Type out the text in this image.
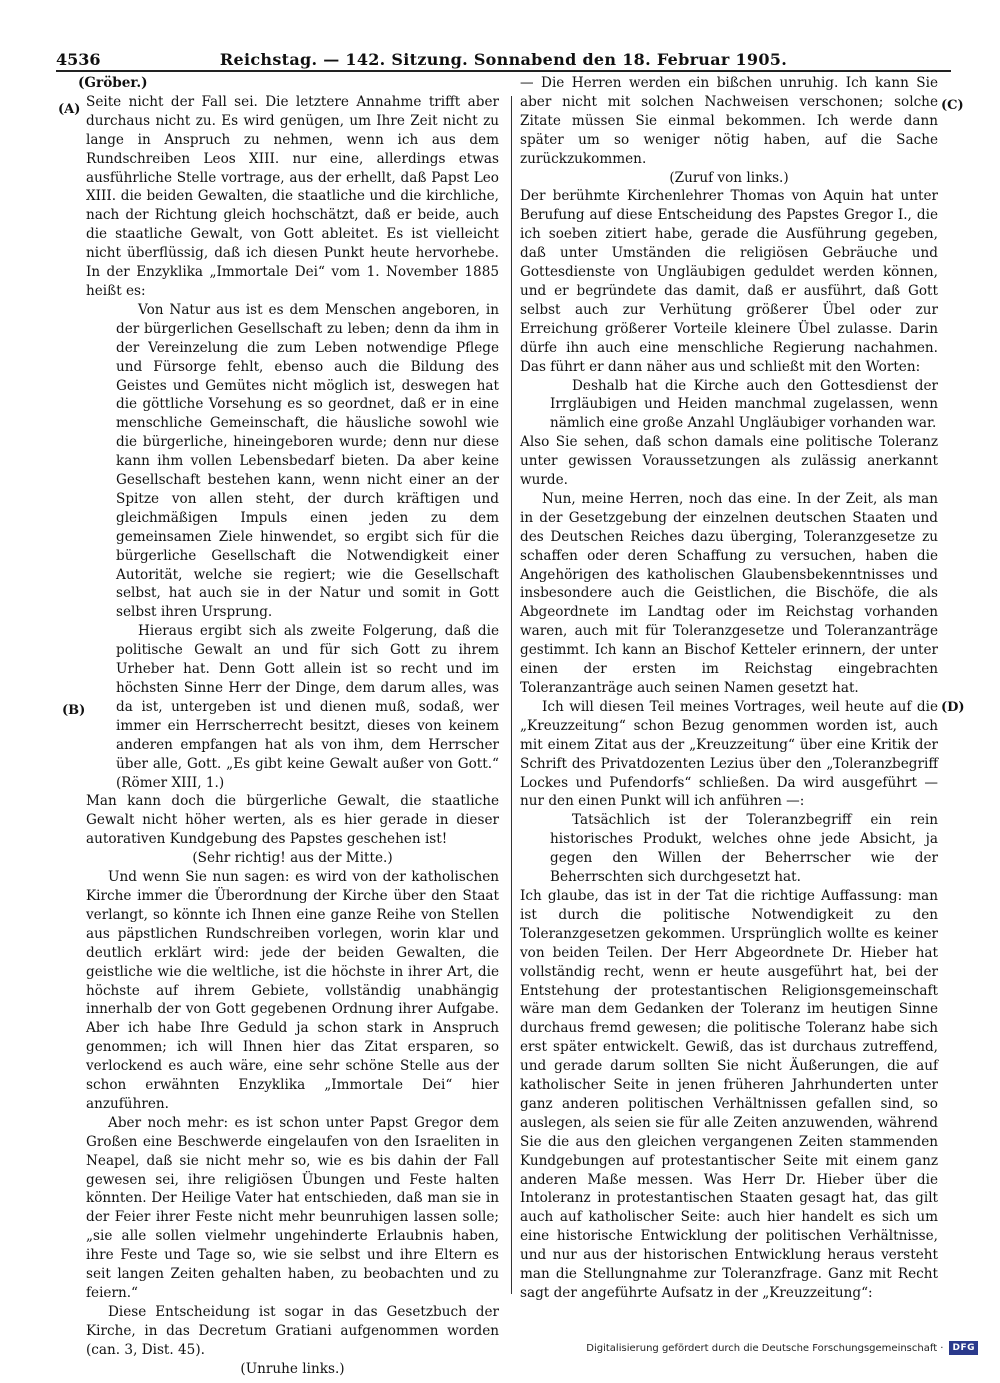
4536	Reichstag. — 142. Sitzung. Sonnabend den 18. Februar 1905.
(A)
(B)
(C)
(D)

(Gröber.)

Seite nicht der Fall sei. Die letztere Annahme trifft aber durchaus nicht zu. Es wird genügen, um Ihre Zeit nicht zu lange in Anspruch zu nehmen, wenn ich aus dem Rundschreiben Leos XIII. nur eine, allerdings etwas ausführliche Stelle vortrage, aus der erhellt, daß Papst Leo XIII. die beiden Gewalten, die staatliche und die kirchliche, nach der Richtung gleich hochschätzt, daß er beide, auch die staatliche Gewalt, von Gott ableitet. Es ist vielleicht nicht überflüssig, daß ich diesen Punkt heute hervorhebe. In der Enzyklika „Immortale Dei“ vom 1. November 1885 heißt es:

Von Natur aus ist es dem Menschen angeboren, in der bürgerlichen Gesellschaft zu leben; denn da ihm in der Vereinzelung die zum Leben notwendige Pflege und Fürsorge fehlt, ebenso auch die Bildung des Geistes und Gemütes nicht möglich ist, deswegen hat die göttliche Vorsehung es so geordnet, daß er in eine menschliche Gemeinschaft, die häusliche sowohl wie die bürgerliche, hineingeboren wurde; denn nur diese kann ihm vollen Lebensbedarf bieten. Da aber keine Gesellschaft bestehen kann, wenn nicht einer an der Spitze von allen steht, der durch kräftigen und gleichmäßigen Impuls einen jeden zu dem gemeinsamen Ziele hinwendet, so ergibt sich für die bürgerliche Gesellschaft die Notwendigkeit einer Autorität, welche sie regiert; wie die Gesellschaft selbst, hat auch sie in der Natur und somit in Gott selbst ihren Ursprung.

Hieraus ergibt sich als zweite Folgerung, daß die politische Gewalt an und für sich Gott zu ihrem Urheber hat. Denn Gott allein ist so recht und im höchsten Sinne Herr der Dinge, dem darum alles, was da ist, untergeben ist und dienen muß, sodaß, wer immer ein Herrscherrecht besitzt, dieses von keinem anderen empfangen hat als von ihm, dem Herrscher über alle, Gott. „Es gibt keine Gewalt außer von Gott.“ (Römer XIII, 1.)

Man kann doch die bürgerliche Gewalt, die staatliche Gewalt nicht höher werten, als es hier gerade in dieser autorativen Kundgebung des Papstes geschehen ist!

(Sehr richtig! aus der Mitte.)

Und wenn Sie nun sagen: es wird von der katholischen Kirche immer die Überordnung der Kirche über den Staat verlangt, so könnte ich Ihnen eine ganze Reihe von Stellen aus päpstlichen Rundschreiben vorlegen, worin klar und deutlich erklärt wird: jede der beiden Gewalten, die geistliche wie die weltliche, ist die höchste in ihrer Art, die höchste auf ihrem Gebiete, vollständig unabhängig innerhalb der von Gott gegebenen Ordnung ihrer Aufgabe. Aber ich habe Ihre Geduld ja schon stark in Anspruch genommen; ich will Ihnen hier das Zitat ersparen, so verlockend es auch wäre, eine sehr schöne Stelle aus der schon erwähnten Enzyklika „Immortale Dei“ hier anzuführen.

Aber noch mehr: es ist schon unter Papst Gregor dem Großen eine Beschwerde eingelaufen von den Israeliten in Neapel, daß sie nicht mehr so, wie es bis dahin der Fall gewesen sei, ihre religiösen Übungen und Feste halten könnten. Der Heilige Vater hat entschieden, daß man sie in der Feier ihrer Feste nicht mehr beunruhigen lassen solle; „sie alle sollen vielmehr ungehinderte Erlaubnis haben, ihre Feste und Tage so, wie sie selbst und ihre Eltern es seit langen Zeiten gehalten haben, zu beobachten und zu feiern.“

Diese Entscheidung ist sogar in das Gesetzbuch der Kirche, in das Decretum Gratiani aufgenommen worden (can. 3, Dist. 45).

(Unruhe links.)

— Die Herren werden ein bißchen unruhig. Ich kann Sie aber nicht mit solchen Nachweisen verschonen; solche Zitate müssen Sie einmal bekommen. Ich werde dann später um so weniger nötig haben, auf die Sache zurückzukommen.

(Zuruf von links.)

Der berühmte Kirchenlehrer Thomas von Aquin hat unter Berufung auf diese Entscheidung des Papstes Gregor I., die ich soeben zitiert habe, gerade die Ausführung gegeben, daß unter Umständen die religiösen Gebräuche und Gottesdienste von Ungläubigen geduldet werden können, und er begründete das damit, daß er ausführt, daß Gott selbst auch zur Verhütung größerer Übel oder zur Erreichung größerer Vorteile kleinere Übel zulasse. Darin dürfe ihn auch eine menschliche Regierung nachahmen. Das führt er dann näher aus und schließt mit den Worten:

Deshalb hat die Kirche auch den Gottesdienst der Irrgläubigen und Heiden manchmal zugelassen, wenn nämlich eine große Anzahl Ungläubiger vorhanden war.

Also Sie sehen, daß schon damals eine politische Toleranz unter gewissen Voraussetzungen als zulässig anerkannt wurde.

Nun, meine Herren, noch das eine. In der Zeit, als man in der Gesetzgebung der einzelnen deutschen Staaten und des Deutschen Reiches dazu überging, Toleranzgesetze zu schaffen oder deren Schaffung zu versuchen, haben die Angehörigen des katholischen Glaubensbekenntnisses und insbesondere auch die Geistlichen, die Bischöfe, die als Abgeordnete im Landtag oder im Reichstag vorhanden waren, auch mit für Toleranzgesetze und Toleranzanträge gestimmt. Ich kann an Bischof Ketteler erinnern, der unter einen der ersten im Reichstag eingebrachten Toleranzanträge auch seinen Namen gesetzt hat.

Ich will diesen Teil meines Vortrages, weil heute auf die „Kreuzzeitung“ schon Bezug genommen worden ist, auch mit einem Zitat aus der „Kreuzzeitung“ über eine Kritik der Schrift des Privatdozenten Lezius über den „Toleranzbegriff Lockes und Pufendorfs“ schließen. Da wird ausgeführt — nur den einen Punkt will ich anführen —:

Tatsächlich ist der Toleranzbegriff ein rein historisches Produkt, welches ohne jede Absicht, ja gegen den Willen der Beherrscher wie der Beherrschten sich durchgesetzt hat.

Ich glaube, das ist in der Tat die richtige Auffassung: man ist durch die politische Notwendigkeit zu den Toleranzgesetzen gekommen. Ursprünglich wollte es keiner von beiden Teilen. Der Herr Abgeordnete Dr. Hieber hat vollständig recht, wenn er heute ausgeführt hat, bei der Entstehung der protestantischen Religionsgemeinschaft wäre man dem Gedanken der Toleranz im heutigen Sinne durchaus fremd gewesen; die politische Toleranz habe sich erst später entwickelt. Gewiß, das ist durchaus zutreffend, und gerade darum sollten Sie nicht Äußerungen, die auf katholischer Seite in jenen früheren Jahrhunderten unter ganz anderen politischen Verhältnissen gefallen sind, so auslegen, als seien sie für alle Zeiten anzuwenden, während Sie die aus den gleichen vergangenen Zeiten stammenden Kundgebungen auf protestantischer Seite mit einem ganz anderen Maße messen. Was Herr Dr. Hieber über die Intoleranz in protestantischen Staaten gesagt hat, das gilt auch auf katholischer Seite: auch hier handelt es sich um eine historische Entwicklung der politischen Verhältnisse, und nur aus der historischen Entwicklung heraus versteht man die Stellungnahme zur Toleranzfrage. Ganz mit Recht sagt der angeführte Aufsatz in der „Kreuzzeitung“:

Digitalisierung gefördert durch die Deutsche Forschungsgemeinschaft ·	DFG
